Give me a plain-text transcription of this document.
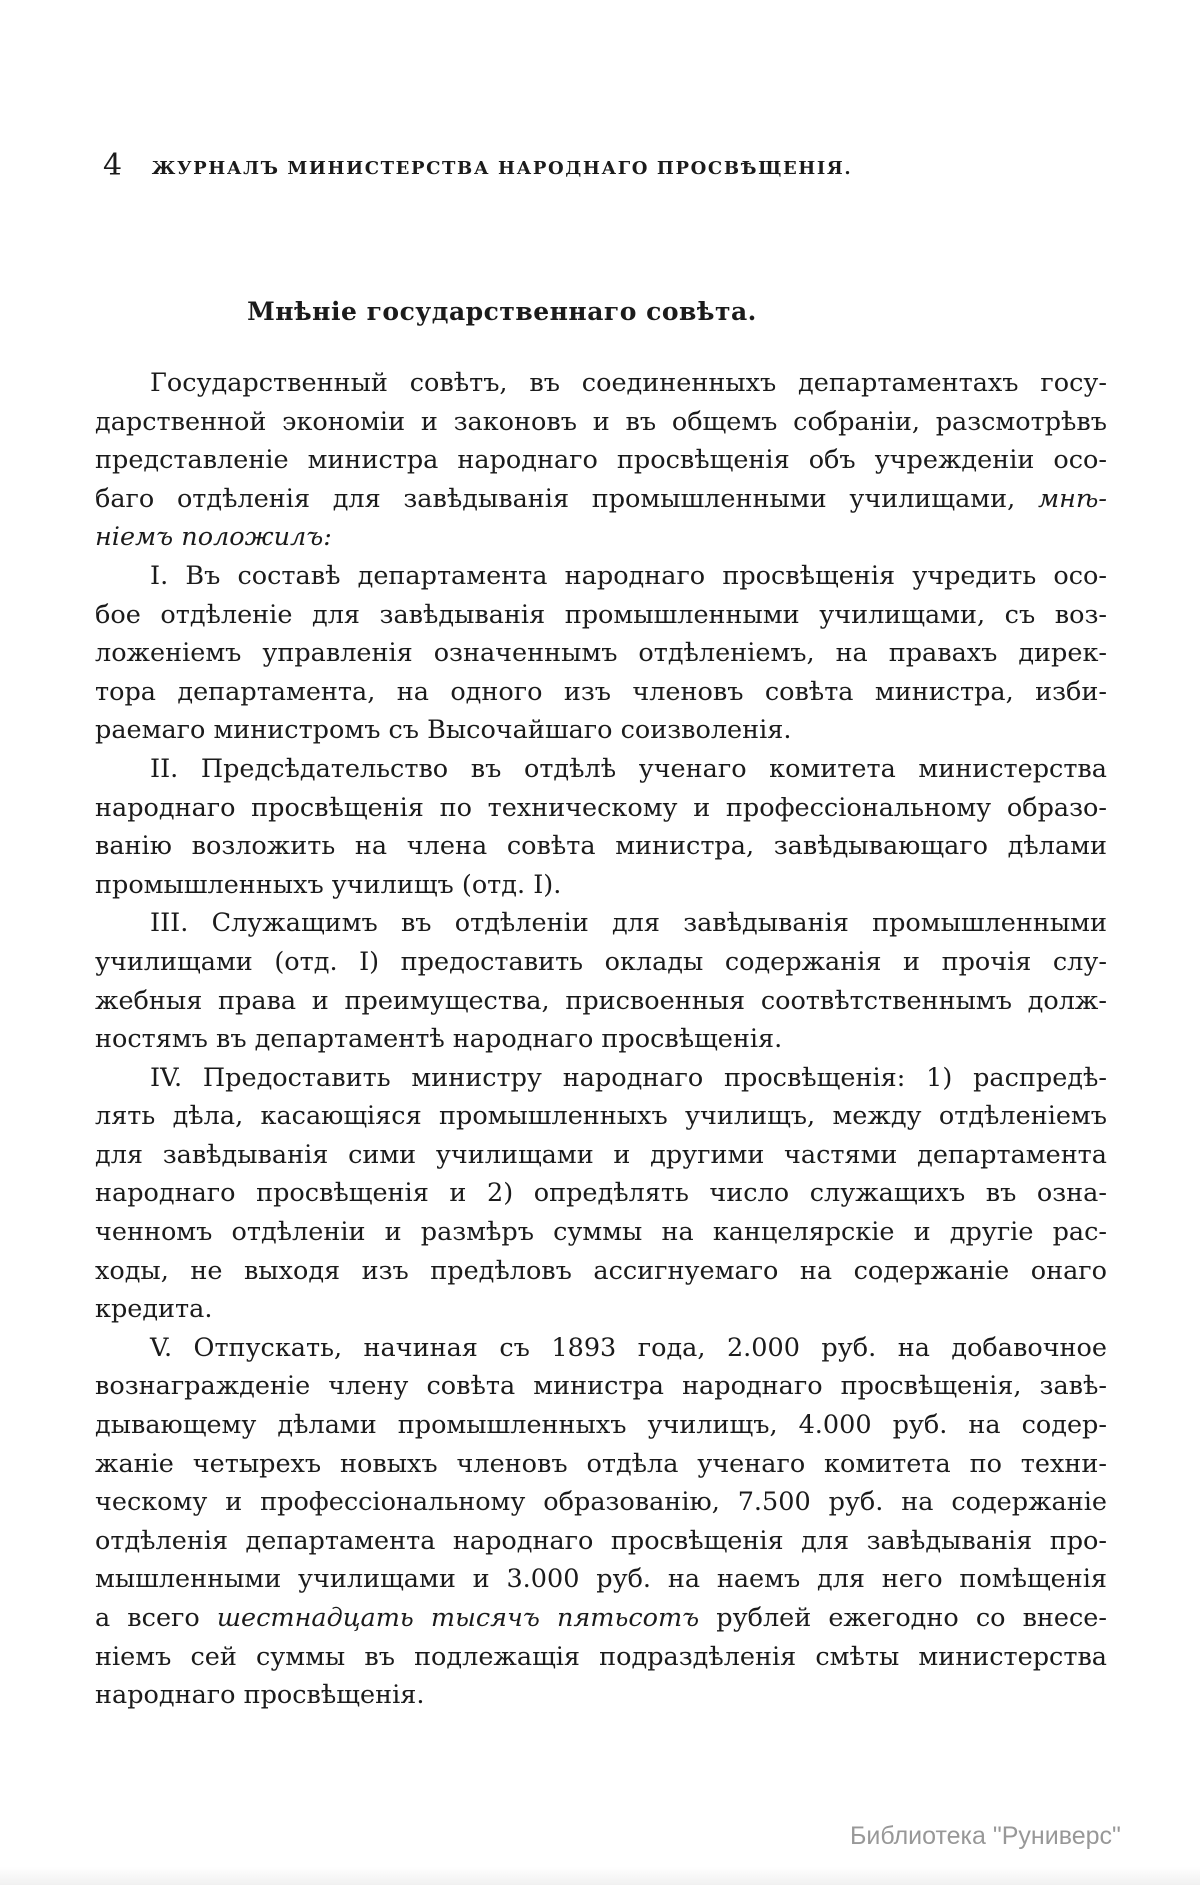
4 ЖУРНАЛЪ МИНИСТЕРСТВА НАРОДНАГО ПРОСВѢЩЕНІЯ.
Мнѣніе государственнаго совѣта.
Государственный совѣтъ, въ соединенныхъ департаментахъ госу-
дарственной экономіи и законовъ и въ общемъ собраніи, разсмотрѣвъ
представленіе министра народнаго просвѣщенія объ учрежденіи осо-
баго отдѣленія для завѣдыванія промышленными училищами, мнѣ-
ніемъ положилъ:
I. Въ составѣ департамента народнаго просвѣщенія учредить осо-
бое отдѣленіе для завѣдыванія промышленными училищами, съ воз-
ложеніемъ управленія означеннымъ отдѣленіемъ, на правахъ дирек-
тора департамента, на одного изъ членовъ совѣта министра, изби-
раемаго министромъ съ Высочайшаго соизволенія.
II. Предсѣдательство въ отдѣлѣ ученаго комитета министерства
народнаго просвѣщенія по техническому и профессіональному образо-
ванію возложить на члена совѣта министра, завѣдывающаго дѣлами
промышленныхъ училищъ (отд. I).
III. Служащимъ въ отдѣленіи для завѣдыванія промышленными
училищами (отд. I) предоставить оклады содержанія и прочія слу-
жебныя права и преимущества, присвоенныя соотвѣтственнымъ долж-
ностямъ въ департаментѣ народнаго просвѣщенія.
IV. Предоставить министру народнаго просвѣщенія: 1) распредѣ-
лять дѣла, касающіяся промышленныхъ училищъ, между отдѣленіемъ
для завѣдыванія сими училищами и другими частями департамента
народнаго просвѣщенія и 2) опредѣлять число служащихъ въ озна-
ченномъ отдѣленіи и размѣръ суммы на канцелярскіе и другіе рас-
ходы, не выходя изъ предѣловъ ассигнуемаго на содержаніе онаго
кредита.
V. Отпускать, начиная съ 1893 года, 2.000 руб. на добавочное
вознагражденіе члену совѣта министра народнаго просвѣщенія, завѣ-
дывающему дѣлами промышленныхъ училищъ, 4.000 руб. на содер-
жаніе четырехъ новыхъ членовъ отдѣла ученаго комитета по техни-
ческому и профессіональному образованію, 7.500 руб. на содержаніе
отдѣленія департамента народнаго просвѣщенія для завѣдыванія про-
мышленными училищами и 3.000 руб. на наемъ для него помѣщенія
а всего шестнадцать тысячъ пятьсотъ рублей ежегодно со внесе-
ніемъ сей суммы въ подлежащія подраздѣленія смѣты министерства
народнаго просвѣщенія.
Библиотека "Руниверс"
